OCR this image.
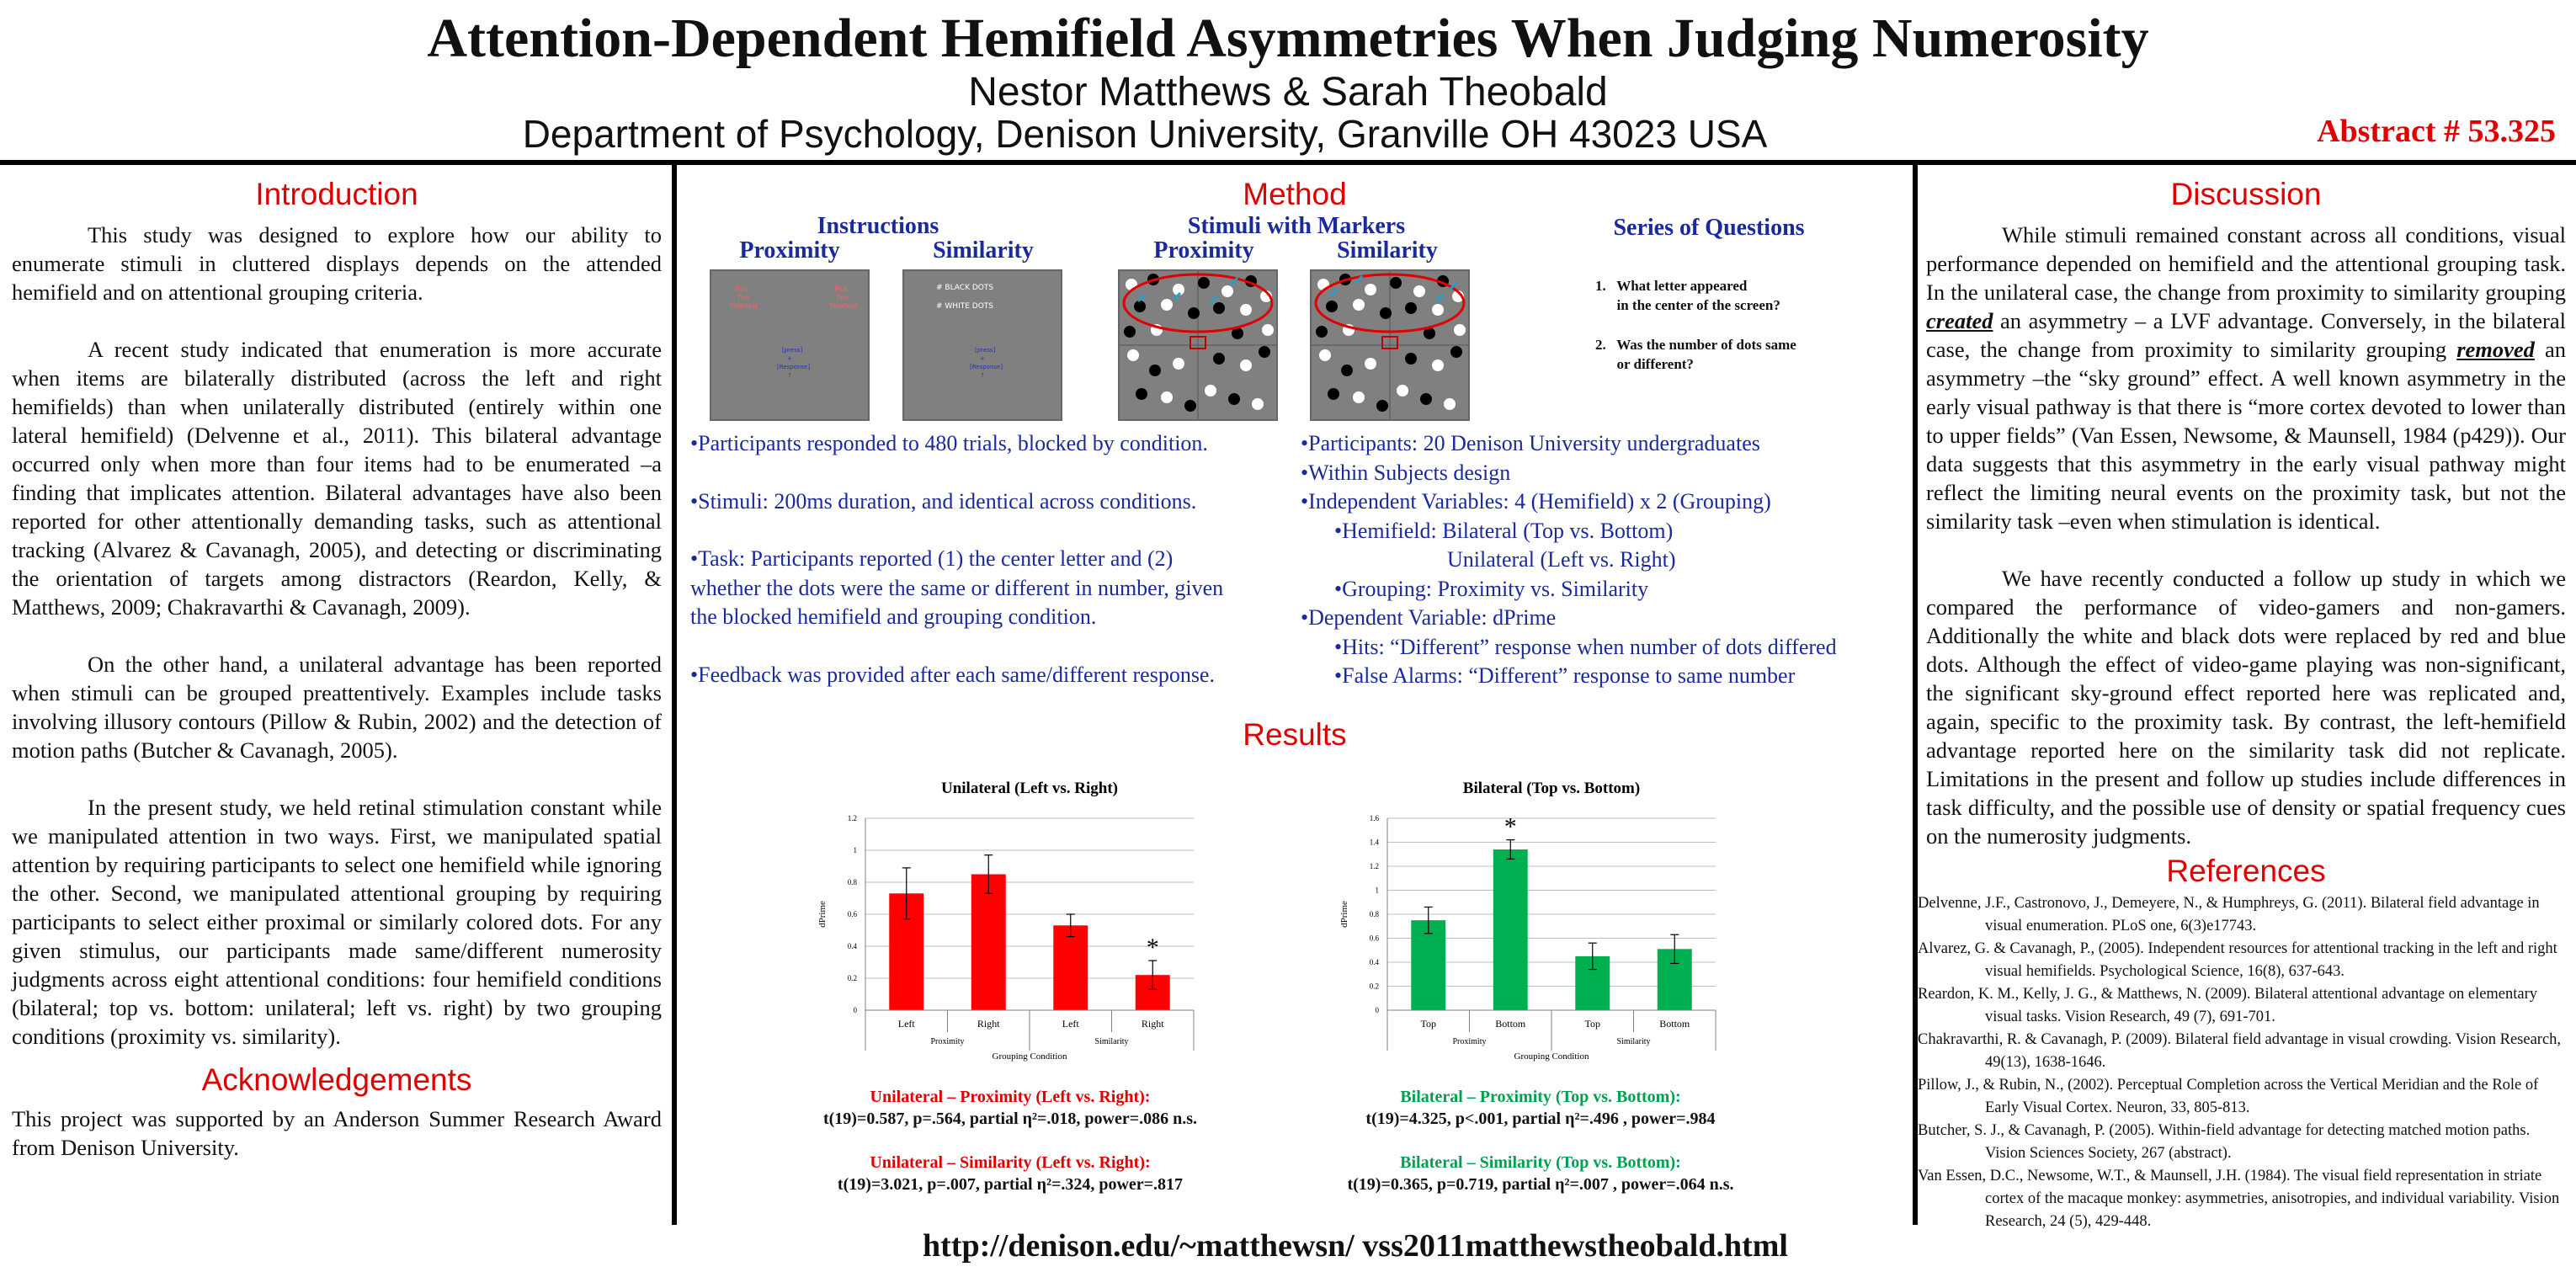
Attention-Dependent Hemifield Asymmetries When Judging Numerosity
Nestor Matthews & Sarah Theobald
Department of Psychology, Denison University, Granville OH 43023 USA	Abstract # 53.325
Introduction

This study was designed to explore how our ability to enumerate stimuli in cluttered displays depends on the attended hemifield and on attentional grouping criteria.

A recent study indicated that enumeration is more accurate when items are bilaterally distributed (across the left and right hemifields) than when unilaterally distributed (entirely within one lateral hemifield) (Delvenne et al., 2011). This bilateral advantage occurred only when more than four items had to be enumerated –a finding that implicates attention. Bilateral advantages have also been reported for other attentionally demanding tasks, such as attentional tracking (Alvarez & Cavanagh, 2005), and detecting or discriminating the orientation of targets among distractors (Reardon, Kelly, & Matthews, 2009; Chakravarthi & Cavanagh, 2009).

On the other hand, a unilateral advantage has been reported when stimuli can be grouped preattentively. Examples include tasks involving illusory contours (Pillow & Rubin, 2002) and the detection of motion paths (Butcher & Cavanagh, 2005).

In the present study, we held retinal stimulation constant while we manipulated attention in two ways. First, we manipulated spatial attention by requiring participants to select one hemifield while ignoring the other. Second, we manipulated attentional grouping by requiring participants to select either proximal or similarly colored dots. For any given stimulus, our participants made same/different numerosity judgments across eight attentional conditions: four hemifield conditions (bilateral; top vs. bottom: unilateral; left vs. right) by two grouping conditions (proximity vs. similarity).

Acknowledgements
This project was supported by an Anderson Summer Research Award from Denison University.
Method
Instructions
Proximity	Similarity
Stimuli with Markers
Proximity	Similarity
Series of Questions
Pick
The
Shortest
Pick
The
Shortest
[press]
+
[Response]
?
# BLACK DOTS
# WHITE DOTS
[press]
+
[Response]
?
1.   What letter appeared
in the center of the screen?
2.   Was the number of dots same
or different?
•Participants responded to 480 trials, blocked by condition.
•Stimuli: 200ms duration, and identical across conditions.
•Task: Participants reported (1) the center letter and (2)
whether the dots were the same or different in number, given
the blocked hemifield and grouping condition.
•Feedback was provided after each same/different response.
•Participants: 20 Denison University undergraduates
•Within Subjects design
•Independent Variables: 4 (Hemifield) x 2 (Grouping)
•Hemifield: Bilateral (Top vs. Bottom)
Unilateral (Left vs. Right)
•Grouping: Proximity vs. Similarity
•Dependent Variable: dPrime
•Hits: “Different” response when number of dots differed
•False Alarms: “Different” response to same number
Results
Unilateral (Left vs. Right)
0
0.2
0.4
0.6
0.8
1
1.2
dPrime
Left	Right	Left	Right
*
Proximity	Similarity
Grouping Condition
Bilateral (Top vs. Bottom)
0
0.2
0.4
0.6
0.8
1
1.2
1.4
1.6
dPrime
Top	Bottom
*
Top	Bottom
Proximity	Similarity
Grouping Condition
Unilateral – Proximity (Left vs. Right):
t(19)=0.587, p=.564, partial η²=.018, power=.086 n.s.
Unilateral – Similarity (Left vs. Right):
t(19)=3.021, p=.007, partial η²=.324, power=.817
Bilateral – Proximity (Top vs. Bottom):
t(19)=4.325, p<.001, partial η²=.496 , power=.984
Bilateral – Similarity (Top vs. Bottom):
t(19)=0.365, p=0.719, partial η²=.007 , power=.064 n.s.
Discussion

While stimuli remained constant across all conditions, visual performance depended on hemifield and the attentional grouping task. In the unilateral case, the change from proximity to similarity grouping created an asymmetry – a LVF advantage. Conversely, in the bilateral case, the change from proximity to similarity grouping removed an asymmetry –the “sky ground” effect. A well known asymmetry in the early visual pathway is that there is “more cortex devoted to lower than to upper fields” (Van Essen, Newsome, & Maunsell, 1984 (p429)). Our data suggests that this asymmetry in the early visual pathway might reflect the limiting neural events on the proximity task, but not the similarity task –even when stimulation is identical.

We have recently conducted a follow up study in which we compared the performance of video-gamers and non-gamers. Additionally the white and black dots were replaced by red and blue dots. Although the effect of video-game playing was non-significant, the significant sky-ground effect reported here was replicated and, again, specific to the proximity task. By contrast, the left-hemifield advantage reported here on the similarity task did not replicate. Limitations in the present and follow up studies include differences in task difficulty, and the possible use of density or spatial frequency cues on the numerosity judgments.

References

Delvenne, J.F., Castronovo, J., Demeyere, N., & Humphreys, G. (2011). Bilateral field advantage in visual enumeration. PLoS one, 6(3)e17743.

Alvarez, G. & Cavanagh, P., (2005). Independent resources for attentional tracking in the left and right visual hemifields. Psychological Science, 16(8), 637-643.

Reardon, K. M., Kelly, J. G., & Matthews, N. (2009). Bilateral attentional advantage on elementary visual tasks. Vision Research, 49 (7), 691-701.

Chakravarthi, R. & Cavanagh, P. (2009). Bilateral field advantage in visual crowding. Vision Research, 49(13), 1638-1646.

Pillow, J., & Rubin, N., (2002). Perceptual Completion across the Vertical Meridian and the Role of Early Visual Cortex. Neuron, 33, 805-813.

Butcher, S. J., & Cavanagh, P. (2005). Within-field advantage for detecting matched motion paths. Vision Sciences Society, 267 (abstract).

Van Essen, D.C., Newsome, W.T., & Maunsell, J.H. (1984). The visual field representation in striate cortex of the macaque monkey: asymmetries, anisotropies, and individual variability. Vision Research, 24 (5), 429-448.

http://denison.edu/~matthewsn/ vss2011matthewstheobald.html
